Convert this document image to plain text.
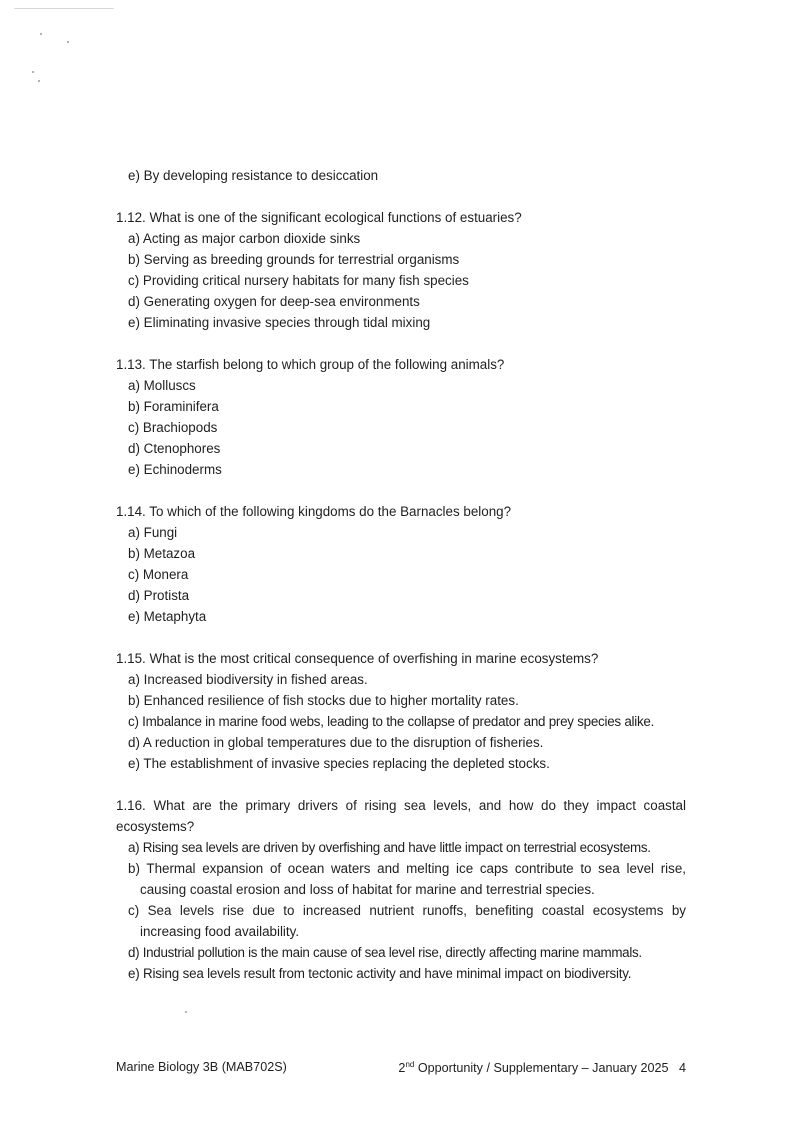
e) By developing resistance to desiccation
1.12. What is one of the significant ecological functions of estuaries?
a) Acting as major carbon dioxide sinks
b) Serving as breeding grounds for terrestrial organisms
c) Providing critical nursery habitats for many fish species
d) Generating oxygen for deep-sea environments
e) Eliminating invasive species through tidal mixing
1.13. The starfish belong to which group of the following animals?
a) Molluscs
b) Foraminifera
c) Brachiopods
d) Ctenophores
e) Echinoderms
1.14. To which of the following kingdoms do the Barnacles belong?
a) Fungi
b) Metazoa
c) Monera
d) Protista
e) Metaphyta
1.15. What is the most critical consequence of overfishing in marine ecosystems?
a) Increased biodiversity in fished areas.
b) Enhanced resilience of fish stocks due to higher mortality rates.
c) Imbalance in marine food webs, leading to the collapse of predator and prey species alike.
d) A reduction in global temperatures due to the disruption of fisheries.
e) The establishment of invasive species replacing the depleted stocks.
1.16. What are the primary drivers of rising sea levels, and how do they impact coastal ecosystems?
a) Rising sea levels are driven by overfishing and have little impact on terrestrial ecosystems.
b) Thermal expansion of ocean waters and melting ice caps contribute to sea level rise, causing coastal erosion and loss of habitat for marine and terrestrial species.
c) Sea levels rise due to increased nutrient runoffs, benefiting coastal ecosystems by increasing food availability.
d) Industrial pollution is the main cause of sea level rise, directly affecting marine mammals.
e) Rising sea levels result from tectonic activity and have minimal impact on biodiversity.
Marine Biology 3B (MAB702S)	2nd Opportunity / Supplementary – January 2025 4
